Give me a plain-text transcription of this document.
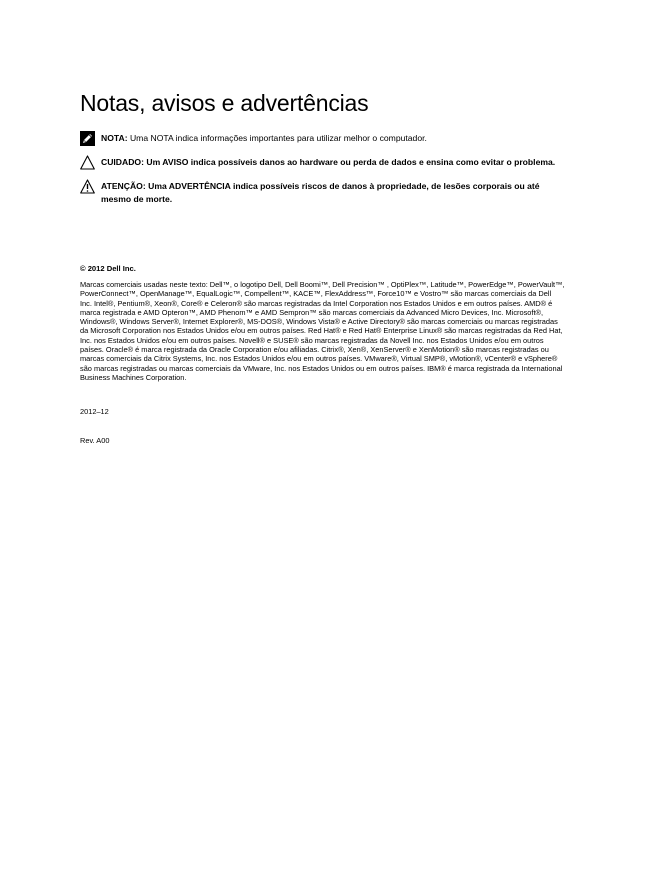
Notas, avisos e advertências
NOTA: Uma NOTA indica informações importantes para utilizar melhor o computador.
CUIDADO: Um AVISO indica possíveis danos ao hardware ou perda de dados e ensina como evitar o problema.
ATENÇÃO: Uma ADVERTÊNCIA indica possíveis riscos de danos à propriedade, de lesões corporais ou até mesmo de morte.
© 2012 Dell Inc.
Marcas comerciais usadas neste texto: Dell™, o logotipo Dell, Dell Boomi™, Dell Precision™ , OptiPlex™, Latitude™, PowerEdge™, PowerVault™, PowerConnect™, OpenManage™, EqualLogic™, Compellent™, KACE™, FlexAddress™, Force10™ e Vostro™ são marcas comerciais da Dell Inc. Intel®, Pentium®, Xeon®, Core® e Celeron® são marcas registradas da Intel Corporation nos Estados Unidos e em outros países. AMD® é marca registrada e AMD Opteron™, AMD Phenom™ e AMD Sempron™ são marcas comerciais da Advanced Micro Devices, Inc. Microsoft®, Windows®, Windows Server®, Internet Explorer®, MS-DOS®, Windows Vista® e Active Directory® são marcas comerciais ou marcas registradas da Microsoft Corporation nos Estados Unidos e/ou em outros países. Red Hat® e Red Hat® Enterprise Linux® são marcas registradas da Red Hat, Inc. nos Estados Unidos e/ou em outros países. Novell® e SUSE® são marcas registradas da Novell Inc. nos Estados Unidos e/ou em outros países. Oracle® é marca registrada da Oracle Corporation e/ou afiliadas. Citrix®, Xen®, XenServer® e XenMotion® são marcas registradas ou marcas comerciais da Citrix Systems, Inc. nos Estados Unidos e/ou em outros países. VMware®, Virtual SMP®, vMotion®, vCenter® e vSphere® são marcas registradas ou marcas comerciais da VMware, Inc. nos Estados Unidos ou em outros países. IBM® é marca registrada da International Business Machines Corporation.
2012–12
Rev. A00
